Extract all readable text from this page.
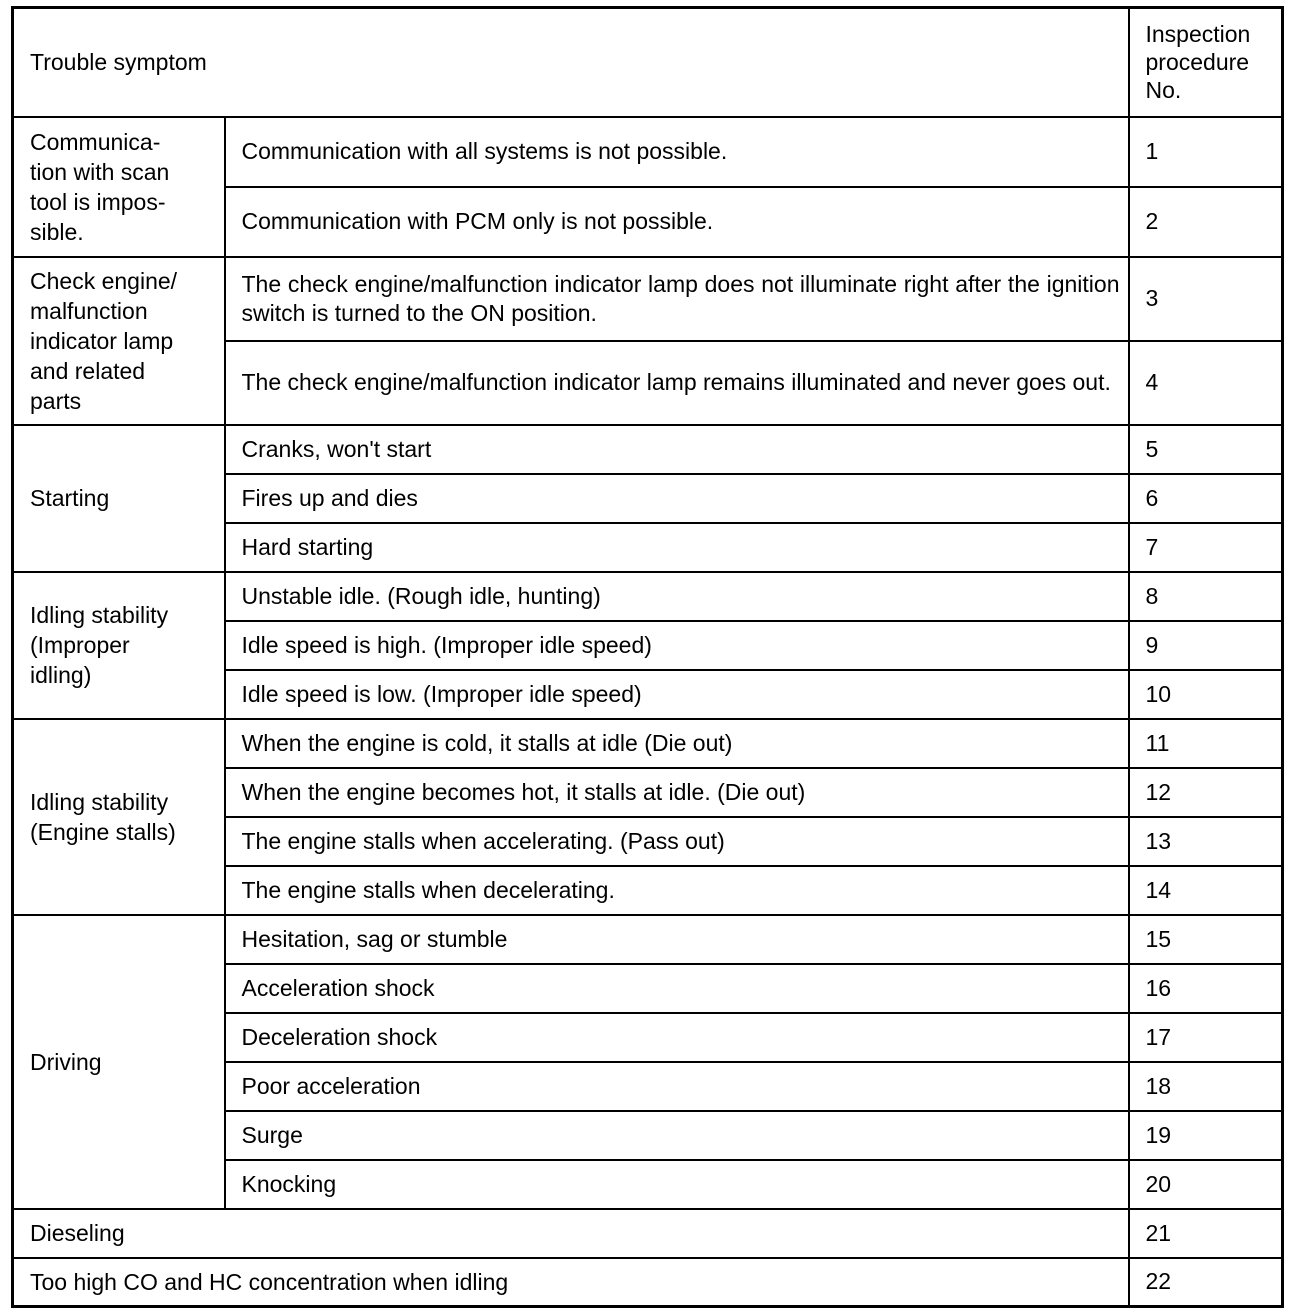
Trouble symptom		Inspection
procedure
No.
Communica-
tion with scan
tool is impos-
sible.	Communication with all systems is not possible.	1
	Communication with PCM only is not possible.	2
Check engine/
malfunction
indicator lamp
and related
parts	The check engine/malfunction indicator lamp does not illuminate right after the ignition switch is turned to the ON position.	3
	The check engine/malfunction indicator lamp remains illuminated and never goes out.	4
Starting	Cranks, won't start	5
	Fires up and dies	6
	Hard starting	7
Idling stability
(Improper
idling)	Unstable idle. (Rough idle, hunting)	8
	Idle speed is high. (Improper idle speed)	9
	Idle speed is low. (Improper idle speed)	10
Idling stability
(Engine stalls)	When the engine is cold, it stalls at idle (Die out)	11
	When the engine becomes hot, it stalls at idle. (Die out)	12
	The engine stalls when accelerating. (Pass out)	13
	The engine stalls when decelerating.	14
Driving	Hesitation, sag or stumble	15
	Acceleration shock	16
	Deceleration shock	17
	Poor acceleration	18
	Surge	19
	Knocking	20
Dieseling		21
Too high CO and HC concentration when idling		22
